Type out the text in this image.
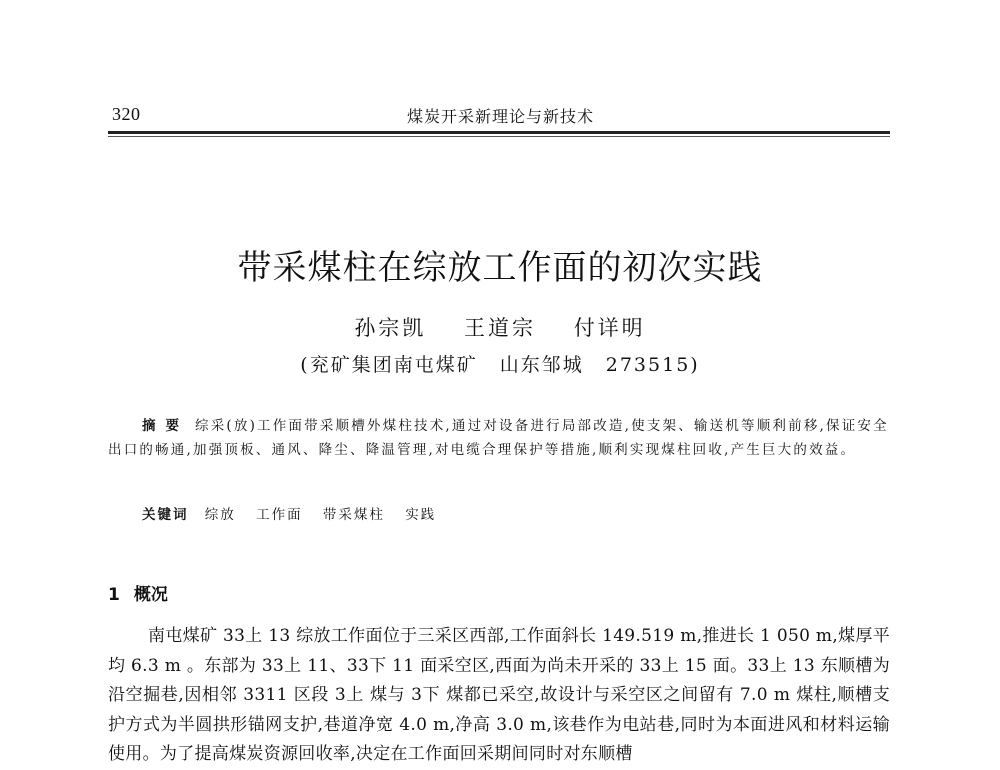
320	煤炭开采新理论与新技术
带采煤柱在综放工作面的初次实践
孙宗凯 王道宗 付详明
(兖矿集团南屯煤矿 山东邹城 273515)
摘要 综采(放)工作面带采顺槽外煤柱技术,通过对设备进行局部改造,使支架、输送机等顺利前移,保证安全出口的畅通,加强顶板、通风、降尘、降温管理,对电缆合理保护等措施,顺利实现煤柱回收,产生巨大的效益。
关键词 综放 工作面 带采煤柱 实践
1 概况
南屯煤矿 33上 13 综放工作面位于三采区西部,工作面斜长 149.519 m,推进长 1 050 m,煤厚平均 6.3 m 。东部为 33上 11、33下 11 面采空区,西面为尚未开采的 33上 15 面。33上 13 东顺槽为沿空掘巷,因相邻 3311 区段 3上 煤与 3下 煤都已采空,故设计与采空区之间留有 7.0 m 煤柱,顺槽支护方式为半圆拱形锚网支护,巷道净宽 4.0 m,净高 3.0 m,该巷作为电站巷,同时为本面进风和材料运输使用。为了提高煤炭资源回收率,决定在工作面回采期间同时对东顺槽
